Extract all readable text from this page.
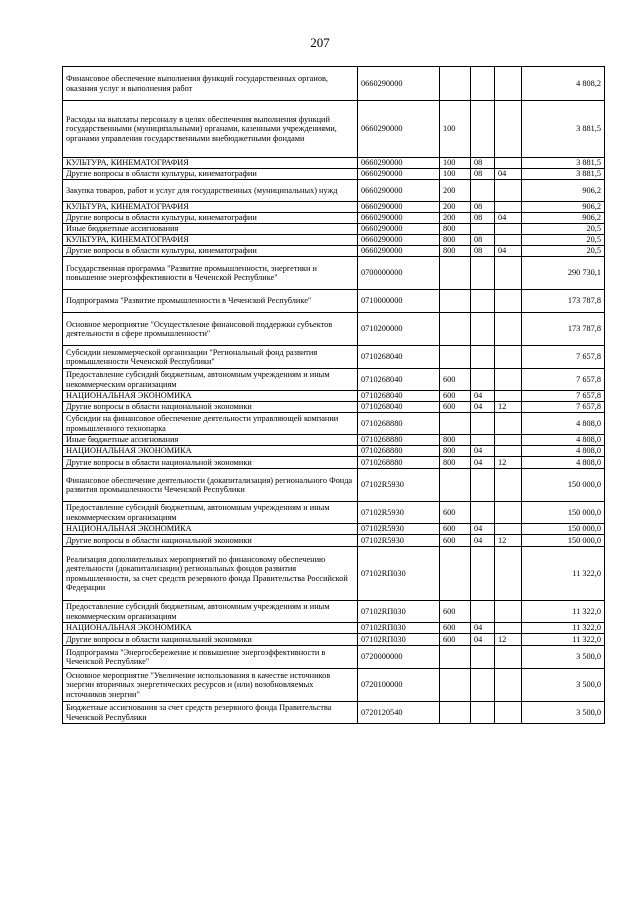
207
Финансовое обеспечение выполнения функций государственных органов, оказания услуг и выполнения работ	0660290000				4 808,2
Расходы на выплаты персоналу в целях обеспечения выполнения функций государственными (муниципальными) органами, казенными учреждениями, органами управления государственными внебюджетными фондами	0660290000	100			3 881,5
КУЛЬТУРА, КИНЕМАТОГРАФИЯ	0660290000	100	08		3 881,5
Другие вопросы в области культуры, кинематографии	0660290000	100	08	04	3 881,5
Закупка товаров, работ и услуг для государственных (муниципальных) нужд	0660290000	200			906,2
КУЛЬТУРА, КИНЕМАТОГРАФИЯ	0660290000	200	08		906,2
Другие вопросы в области культуры, кинематографии	0660290000	200	08	04	906,2
Иные бюджетные ассигнования	0660290000	800			20,5
КУЛЬТУРА, КИНЕМАТОГРАФИЯ	0660290000	800	08		20,5
Другие вопросы в области культуры, кинематографии	0660290000	800	08	04	20,5
Государственная программа "Развитие промышленности, энергетики и повышение энергоэффективности в Чеченской Республике"	0700000000				290 730,1
Подпрограмма "Развитие промышленности в Чеченской Республике"	0710000000				173 787,8
Основное мероприятие "Осуществление финансовой поддержки субъектов деятельности в сфере промышленности"	0710200000				173 787,8
Субсидии некоммерческой организации "Региональный фонд развития промышленности Чеченской Республики"	0710268040				7 657,8
Предоставление субсидий бюджетным, автономным учреждениям и иным некоммерческим организациям	0710268040	600			7 657,8
НАЦИОНАЛЬНАЯ ЭКОНОМИКА	0710268040	600	04		7 657,8
Другие вопросы в области национальной экономики	0710268040	600	04	12	7 657,8
Субсидии на финансовое обеспечение деятельности управляющей компании промышленного технопарка	0710268880				4 808,0
Иные бюджетные ассигнования	0710268880	800			4 808,0
НАЦИОНАЛЬНАЯ ЭКОНОМИКА	0710268880	800	04		4 808,0
Другие вопросы в области национальной экономики	0710268880	800	04	12	4 808,0
Финансовое обеспечение деятельности (докапитализация) регионального Фонда развития промышленности Чеченской Республики	07102R5930				150 000,0
Предоставление субсидий бюджетным, автономным учреждениям и иным некоммерческим организациям	07102R5930	600			150 000,0
НАЦИОНАЛЬНАЯ ЭКОНОМИКА	07102R5930	600	04		150 000,0
Другие вопросы в области национальной экономики	07102R5930	600	04	12	150 000,0
Реализация дополнительных мероприятий по финансовому обеспечению деятельности (докапитализации) региональных фондов развития промышленности, за счет средств резервного фонда Правительства Российской Федерации	07102RП030				11 322,0
Предоставление субсидий бюджетным, автономным учреждениям и иным некоммерческим организациям	07102RП030	600			11 322,0
НАЦИОНАЛЬНАЯ ЭКОНОМИКА	07102RП030	600	04		11 322,0
Другие вопросы в области национальной экономики	07102RП030	600	04	12	11 322,0
Подпрограмма "Энергосбережение и повышение энергоэффективности в Чеченской Республике"	0720000000				3 500,0
Основное мероприятие "Увеличение использования в качестве источников энергии вторичных энергетических ресурсов и (или) возобновляемых источников энергии"	0720100000				3 500,0
Бюджетные ассигнования за счет средств резервного фонда Правительства Чеченской Республики	0720120540				3 500,0
